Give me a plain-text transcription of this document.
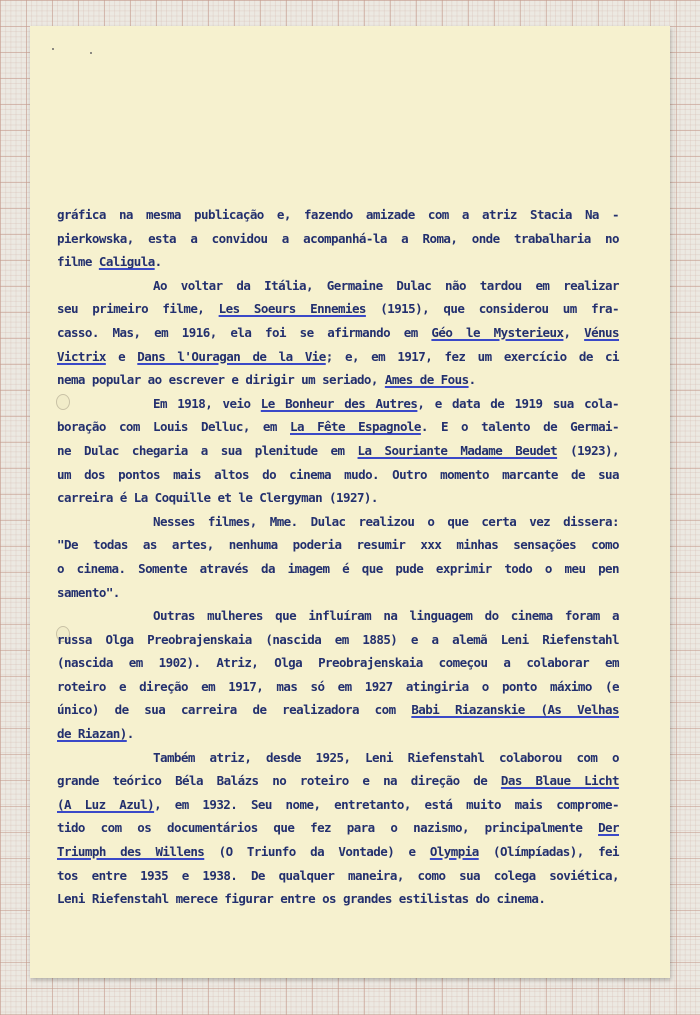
gráfica na mesma publicação e, fazendo amizade com a atriz Stacia Na -
pierkowska, esta a convidou a acompanhá-la a Roma, onde trabalharia no
filme Caligula.
Ao voltar da Itália, Germaine Dulac não tardou em realizar
seu primeiro filme, Les Soeurs Ennemies (1915), que considerou um fra-
casso. Mas, em 1916, ela foi se afirmando em Géo le Mysterieux, Vénus
Victrix e Dans l'Ouragan de la Vie; e, em 1917, fez um exercício de ci
nema popular ao escrever e dirigir um seriado, Ames de Fous.
Em 1918, veio Le Bonheur des Autres, e data de 1919 sua cola-
boração com Louis Delluc, em La Fête Espagnole. E o talento de Germai-
ne Dulac chegaria a sua plenitude em La Souriante Madame Beudet (1923),
um dos pontos mais altos do cinema mudo. Outro momento marcante de sua
carreira é La Coquille et le Clergyman (1927).
Nesses filmes, Mme. Dulac realizou o que certa vez dissera:
"De todas as artes, nenhuma poderia resumir xxx minhas sensações como
o cinema. Somente através da imagem é que pude exprimir todo o meu pen
samento".
Outras mulheres que influíram na linguagem do cinema foram a
russa Olga Preobrajenskaia (nascida em 1885) e a alemã Leni Riefenstahl
(nascida em 1902). Atriz, Olga Preobrajenskaia começou a colaborar em
roteiro e direção em 1917, mas só em 1927 atingiria o ponto máximo (e
único) de sua carreira de realizadora com Babi Riazanskie (As Velhas
de Riazan).
Também atriz, desde 1925, Leni Riefenstahl colaborou com o
grande teórico Béla Balázs no roteiro e na direção de Das Blaue Licht
(A Luz Azul), em 1932. Seu nome, entretanto, está muito mais comprome-
tido com os documentários que fez para o nazismo, principalmente Der
Triumph des Willens (O Triunfo da Vontade) e Olympia (Olímpíadas), fei
tos entre 1935 e 1938. De qualquer maneira, como sua colega soviética,
Leni Riefenstahl merece figurar entre os grandes estilistas do cinema.
